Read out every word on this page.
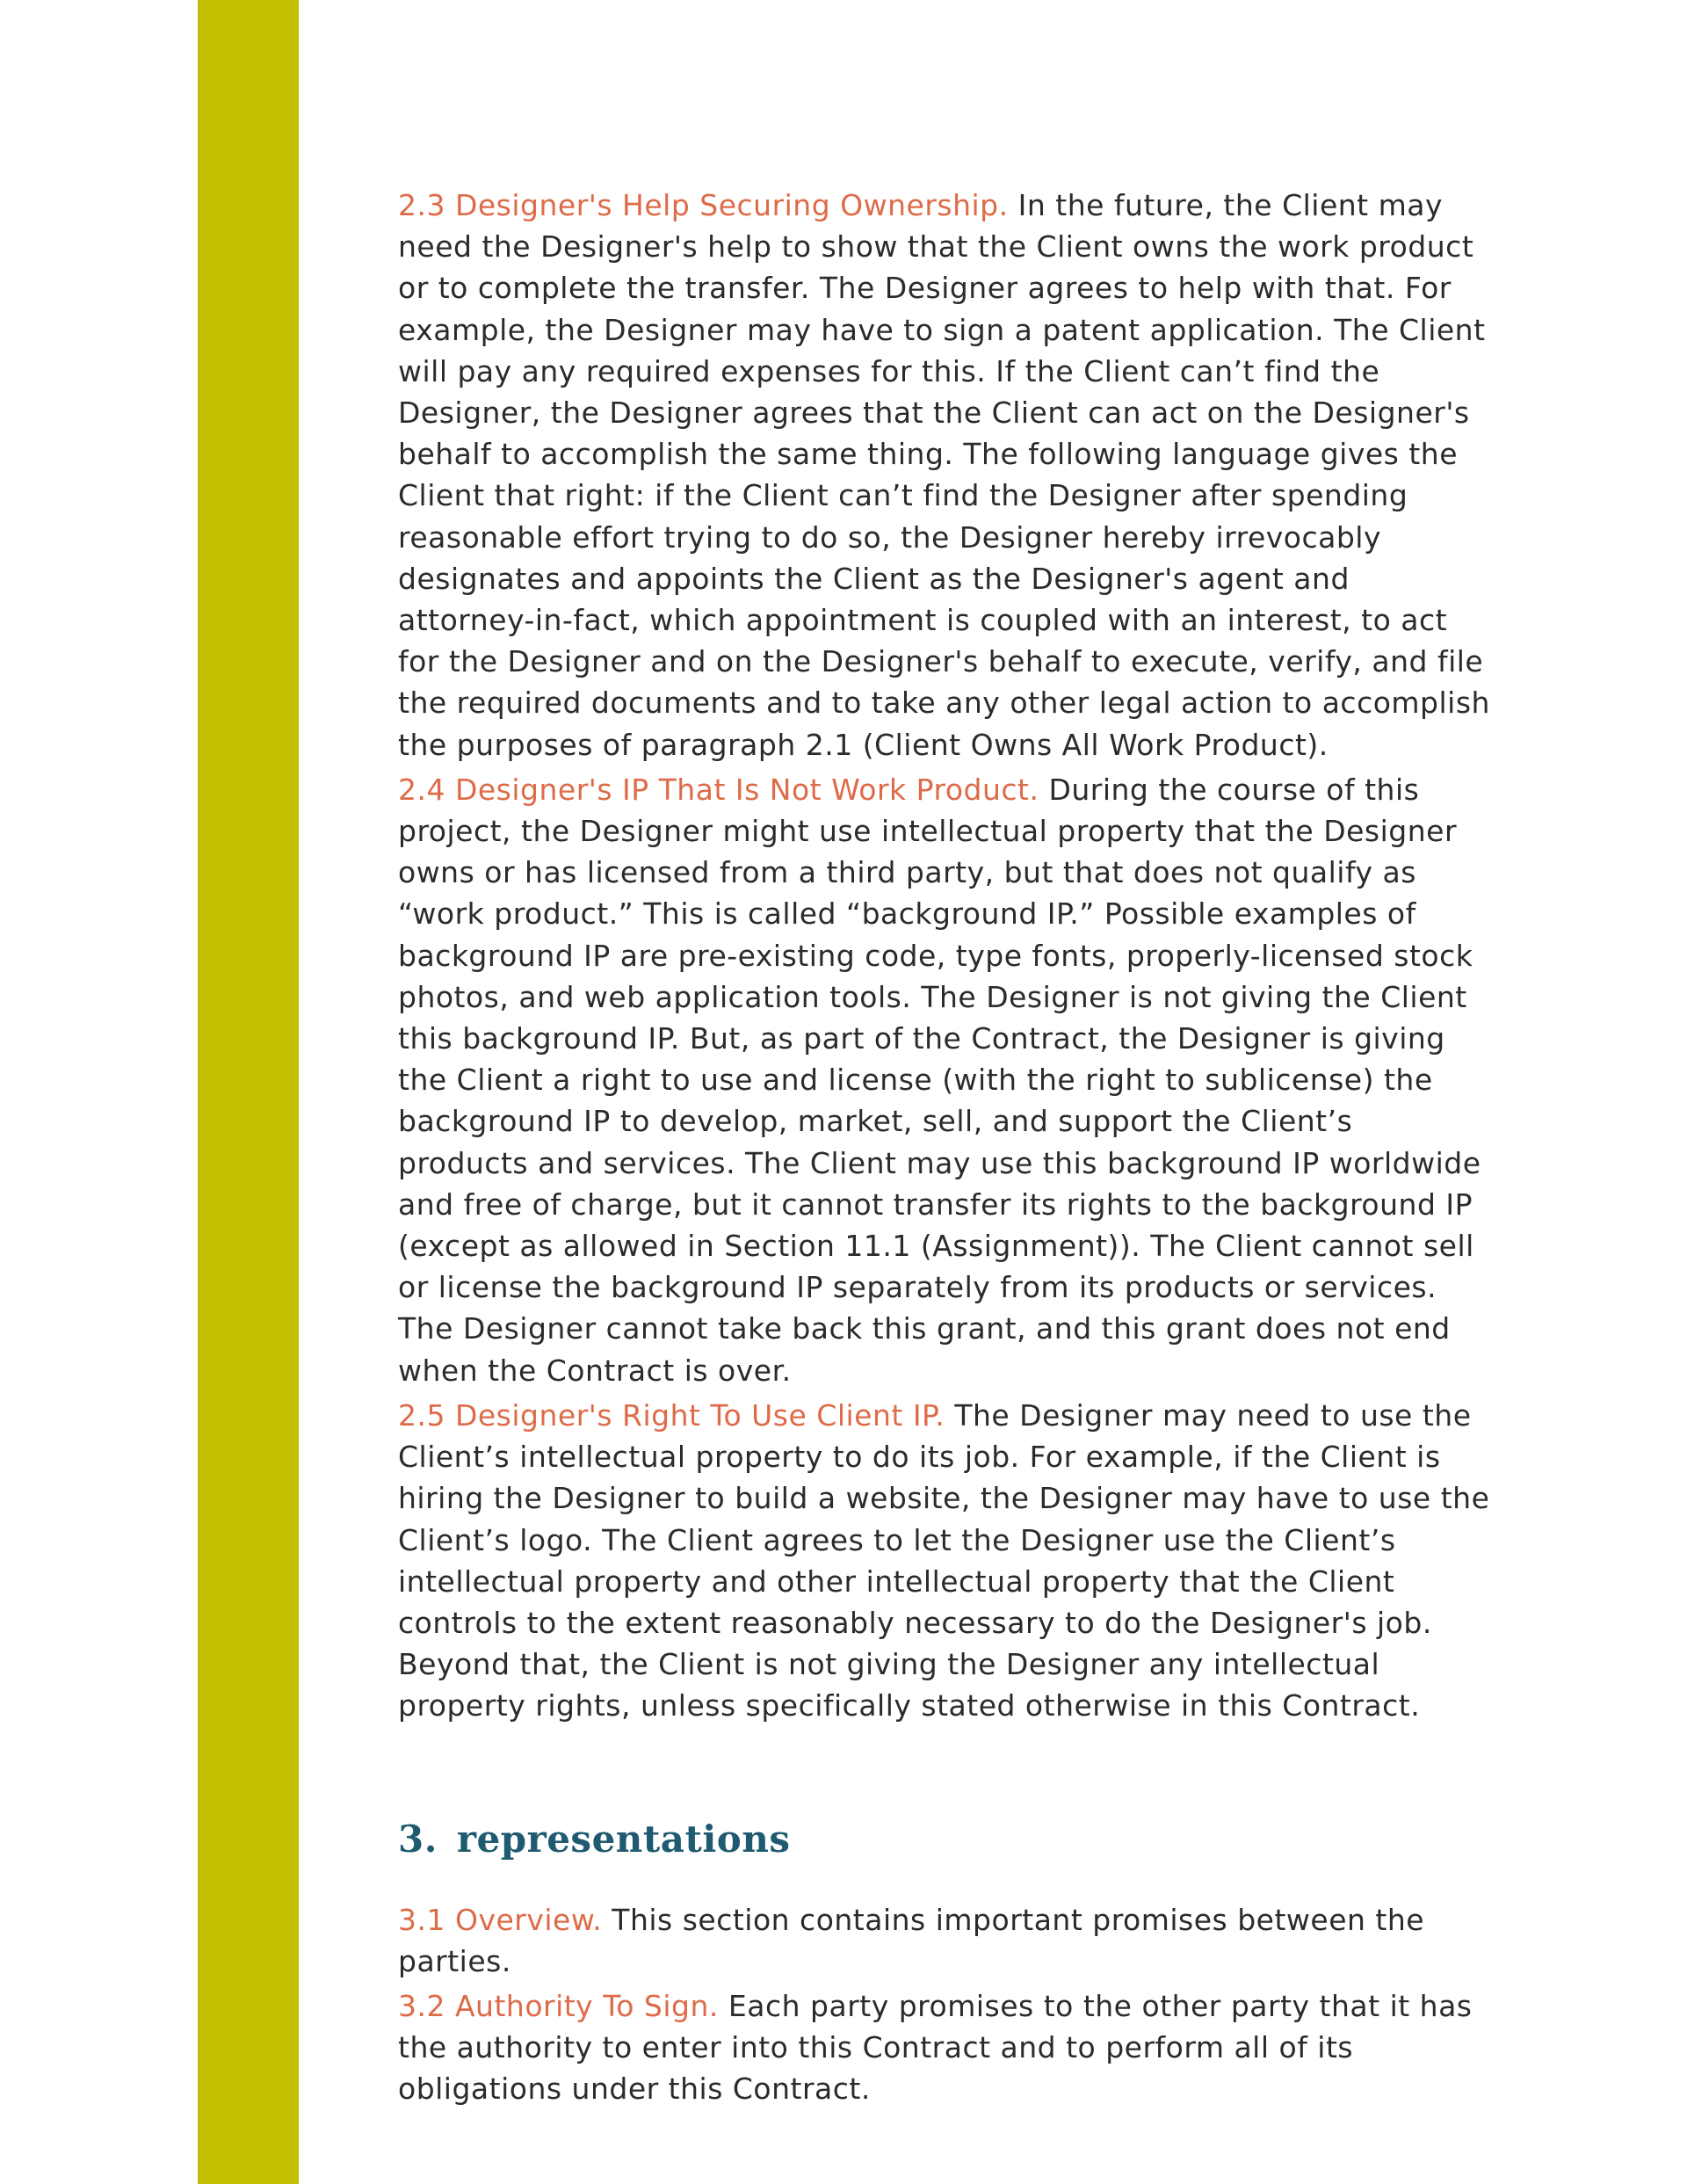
2.3 Designer's Help Securing Ownership. In the future, the Client may need the Designer's help to show that the Client owns the work product or to complete the transfer. The Designer agrees to help with that. For example, the Designer may have to sign a patent application. The Client will pay any required expenses for this. If the Client can’t find the Designer, the Designer agrees that the Client can act on the Designer's behalf to accomplish the same thing. The following language gives the Client that right: if the Client can’t find the Designer after spending reasonable effort trying to do so, the Designer hereby irrevocably designates and appoints the Client as the Designer's agent and attorney-in-fact, which appointment is coupled with an interest, to act for the Designer and on the Designer's behalf to execute, verify, and file the required documents and to take any other legal action to accomplish the purposes of paragraph 2.1 (Client Owns All Work Product).

2.4 Designer's IP That Is Not Work Product. During the course of this project, the Designer might use intellectual property that the Designer owns or has licensed from a third party, but that does not qualify as “work product.” This is called “background IP.” Possible examples of background IP are pre-existing code, type fonts, properly-licensed stock photos, and web application tools. The Designer is not giving the Client this background IP. But, as part of the Contract, the Designer is giving the Client a right to use and license (with the right to sublicense) the background IP to develop, market, sell, and support the Client’s products and services. The Client may use this background IP worldwide and free of charge, but it cannot transfer its rights to the background IP (except as allowed in Section 11.1 (Assignment)). The Client cannot sell or license the background IP separately from its products or services. The Designer cannot take back this grant, and this grant does not end when the Contract is over.

2.5 Designer's Right To Use Client IP. The Designer may need to use the Client’s intellectual property to do its job. For example, if the Client is hiring the Designer to build a website, the Designer may have to use the Client’s logo. The Client agrees to let the Designer use the Client’s intellectual property and other intellectual property that the Client controls to the extent reasonably necessary to do the Designer's job. Beyond that, the Client is not giving the Designer any intellectual property rights, unless specifically stated otherwise in this Contract.

3. representations

3.1 Overview. This section contains important promises between the parties.

3.2 Authority To Sign. Each party promises to the other party that it has the authority to enter into this Contract and to perform all of its obligations under this Contract.
